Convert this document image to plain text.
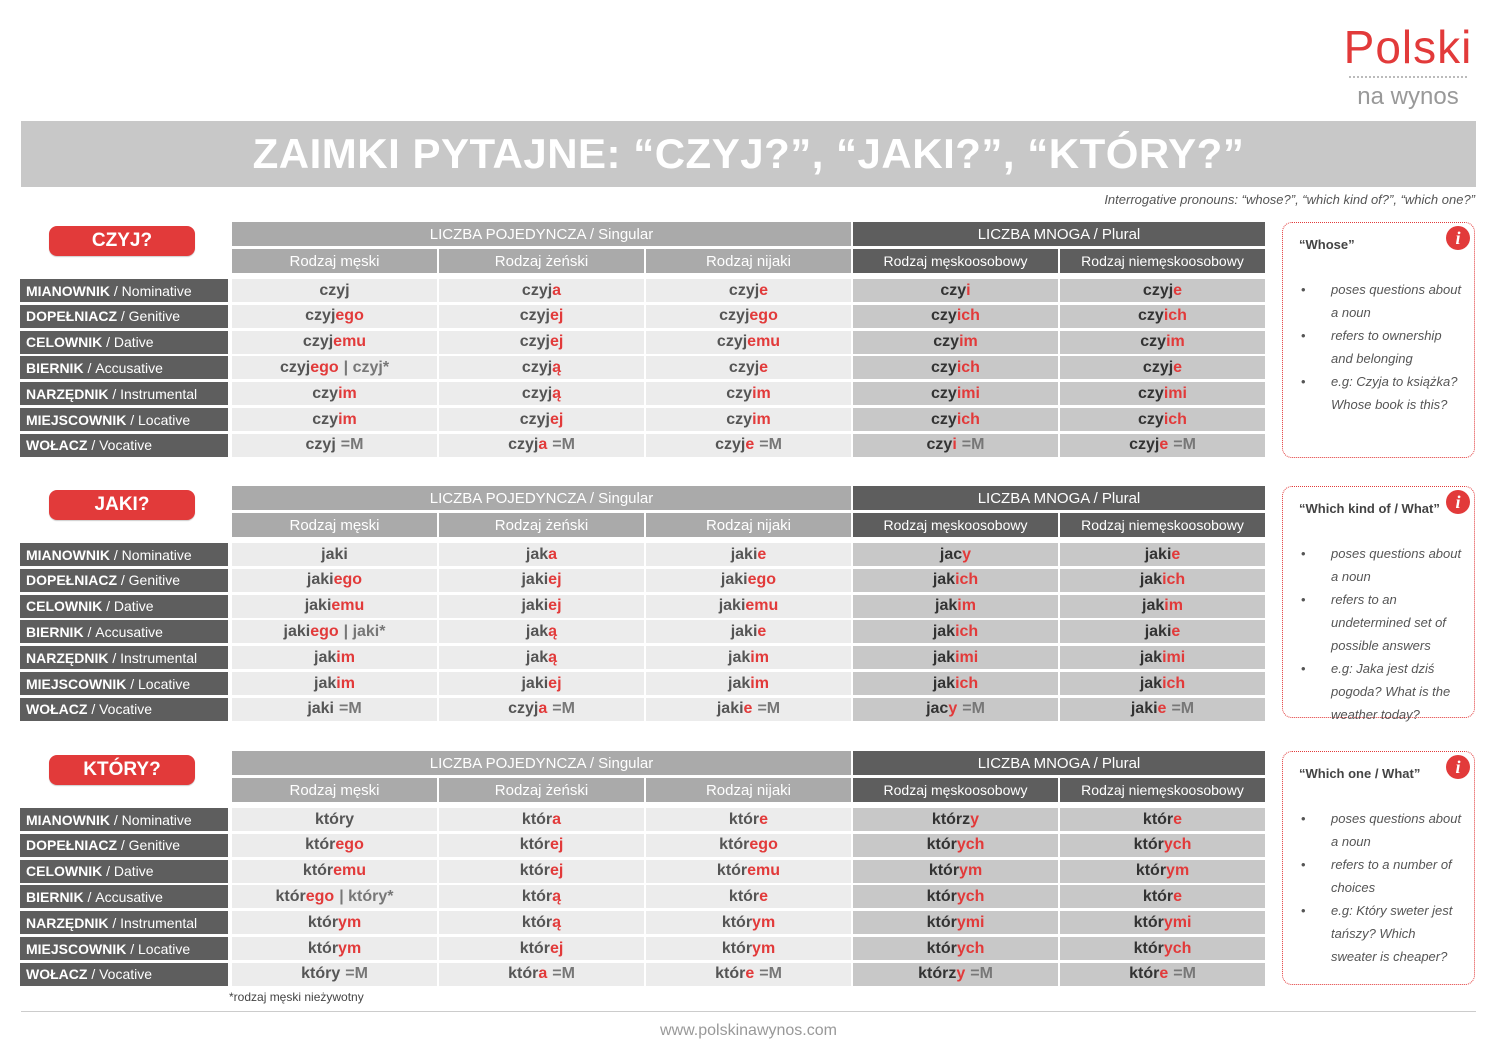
Polski
na wynos
ZAIMKI PYTAJNE: “CZYJ?”, “JAKI?”, “KTÓRY?”
Interrogative pronouns: “whose?”, “which kind of?”, “which one?”
CZYJ?	LICZBA POJEDYNCZA / Singular	LICZBA MNOGA / Plural
Rodzaj męski	Rodzaj żeński	Rodzaj nijaki	Rodzaj męskoosobowy	Rodzaj niemęskoosobowy
MIANOWNIK / Nominative	czyj	czyj a	czyj e	czy i	czyj e
DOPEŁNIACZ / Genitive	czyj ego	czyj ej	czyj ego	czy ich	czy ich
CELOWNIK / Dative	czyj emu	czyj ej	czyj emu	czy im	czy im
BIERNIK / Accusative	czyj ego | czyj*	czyj ą	czyj e	czy ich	czyj e
NARZĘDNIK / Instrumental	czy im	czyj ą	czy im	czy imi	czy imi
MIEJSCOWNIK / Locative	czy im	czyj ej	czy im	czy ich	czy ich
WOŁACZ / Vocative	czyj =M	czyj a =M	czyj e =M	czy i =M	czyj e =M
i
“Whose”
• poses questions about a noun
• refers to ownership and belonging
• e.g: Czyja to książka? Whose book is this?
JAKI?	LICZBA POJEDYNCZA / Singular	LICZBA MNOGA / Plural
Rodzaj męski	Rodzaj żeński	Rodzaj nijaki	Rodzaj męskoosobowy	Rodzaj niemęskoosobowy
MIANOWNIK / Nominative	jaki	jak a	jaki e	jac y	jaki e
DOPEŁNIACZ / Genitive	jaki ego	jaki ej	jaki ego	jak ich	jak ich
CELOWNIK / Dative	jaki emu	jaki ej	jaki emu	jak im	jak im
BIERNIK / Accusative	jaki ego | jaki*	jak ą	jaki e	jak ich	jaki e
NARZĘDNIK / Instrumental	jak im	jak ą	jak im	jak imi	jak imi
MIEJSCOWNIK / Locative	jak im	jaki ej	jak im	jak ich	jak ich
WOŁACZ / Vocative	jaki =M	czyj a =M	jaki e =M	jac y =M	jaki e =M
i
“Which kind of / What”
• poses questions about a noun
• refers to an undetermined set of possible answers
• e.g: Jaka jest dziś pogoda? What is the weather today?
KTÓRY?	LICZBA POJEDYNCZA / Singular	LICZBA MNOGA / Plural
Rodzaj męski	Rodzaj żeński	Rodzaj nijaki	Rodzaj męskoosobowy	Rodzaj niemęskoosobowy
MIANOWNIK / Nominative	który	któr a	któr e	którz y	któr e
DOPEŁNIACZ / Genitive	któr ego	któr ej	któr ego	któr ych	któr ych
CELOWNIK / Dative	któr emu	któr ej	któr emu	któr ym	któr ym
BIERNIK / Accusative	któr ego | który*	któr ą	któr e	któr ych	któr e
NARZĘDNIK / Instrumental	któr ym	któr ą	któr ym	któr ymi	któr ymi
MIEJSCOWNIK / Locative	któr ym	któr ej	któr ym	któr ych	któr ych
WOŁACZ / Vocative	który =M	któr a =M	któr e =M	którz y =M	któr e =M
i
“Which one / What”
• poses questions about a noun
• refers to a number of choices
• e.g: Który sweter jest tańszy? Which sweater is cheaper?
*rodzaj męski nieżywotny
www.polskinawynos.com
